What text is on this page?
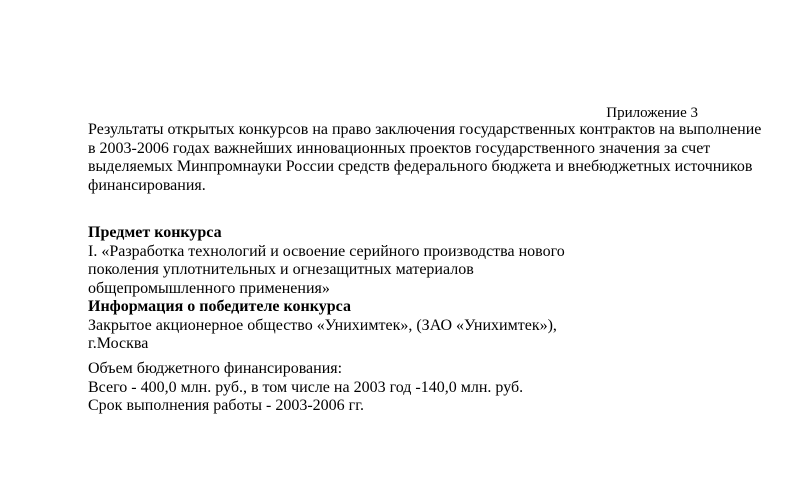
Приложение 3
Результаты открытых конкурсов на право заключения государственных контрактов на выполнение
в 2003-2006 годах важнейших инновационных проектов государственного значения за счет
выделяемых Минпромнауки России средств федерального бюджета и внебюджетных источников
финансирования.
Предмет конкурса
I. «Разработка технологий и освоение серийного производства нового
поколения уплотнительных и огнезащитных материалов
общепромышленного применения»
Информация о победителе конкурса
Закрытое акционерное общество «Унихимтек», (ЗАО «Унихимтек»),
г.Москва
Объем бюджетного финансирования:
Всего - 400,0 млн. руб., в том числе на 2003 год -140,0 млн. руб.
Срок выполнения работы - 2003-2006 гг.
